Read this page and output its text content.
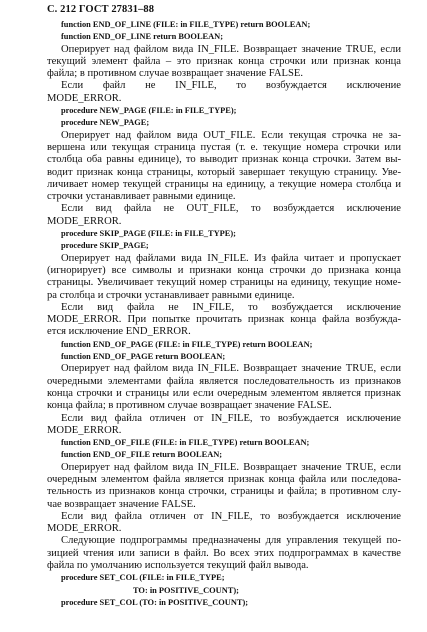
С. 212 ГОСТ 27831–88
function END_OF_LINE (FILE: in FILE_TYPE) return BOOLEAN;
function END_OF_LINE return BOOLEAN;
Оперирует над файлом вида IN_FILE. Возвращает значение TRUE, если
текущий элемент файла – это признак конца строчки или признак конца
файла; в противном случае возвращает значение FALSE.
Если файл не IN_FILE, то возбуждается исключение
MODE_ERROR.
procedure NEW_PAGE (FILE: in FILE_TYPE);
procedure NEW_PAGE;
Оперирует над файлом вида OUT_FILE. Если текущая строчка не за-
вершена или текущая страница пустая (т. е. текущие номера строчки или
столбца оба равны единице), то выводит признак конца строчки. Затем вы-
водит признак конца страницы, который завершает текущую страницу. Уве-
личивает номер текущей страницы на единицу, а текущие номера столбца и
строчки устанавливает равными единице.
Если вид файла не OUT_FILE, то возбуждается исключение
MODE_ERROR.
procedure SKIP_PAGE (FILE: in FILE_TYPE);
procedure SKIP_PAGE;
Оперирует над файлами вида IN_FILE. Из файла читает и пропускает
(игнорирует) все символы и признаки конца строчки до признака конца
страницы. Увеличивает текущий номер страницы на единицу, текущие номе-
ра столбца и строчки устанавливает равными единице.
Если вид файла не IN_FILE, то возбуждается исключение
MODE_ERROR. При попытке прочитать признак конца файла возбужда-
ется исключение END_ERROR.
function END_OF_PAGE (FILE: in FILE_TYPE) return BOOLEAN;
function END_OF_PAGE return BOOLEAN;
Оперирует над файлом вида IN_FILE. Возвращает значение TRUE, если
очередными элементами файла является последовательность из признаков
конца строчки и страницы или если очередным элементом является признак
конца файла; в противном случае возвращает значение FALSE.
Если вид файла отличен от IN_FILE, то возбуждается исключение
MODE_ERROR.
function END_OF_FILE (FILE: in FILE_TYPE) return BOOLEAN;
function END_OF_FILE return BOOLEAN;
Оперирует над файлом вида IN_FILE. Возвращает значение TRUE, если
очередным элементом файла является признак конца файла или последова-
тельность из признаков конца строчки, страницы и файла; в противном слу-
чае возвращает значение FALSE.
Если вид файла отличен от IN_FILE, то возбуждается исключение
MODE_ERROR.
Следующие подпрограммы предназначены для управления текущей по-
зицией чтения или записи в файл. Во всех этих подпрограммах в качестве
файла по умолчанию используется текущий файл вывода.
procedure SET_COL (FILE: in FILE_TYPE;
TO: in POSITIVE_COUNT);
procedure SET_COL (TO: in POSITIVE_COUNT);
